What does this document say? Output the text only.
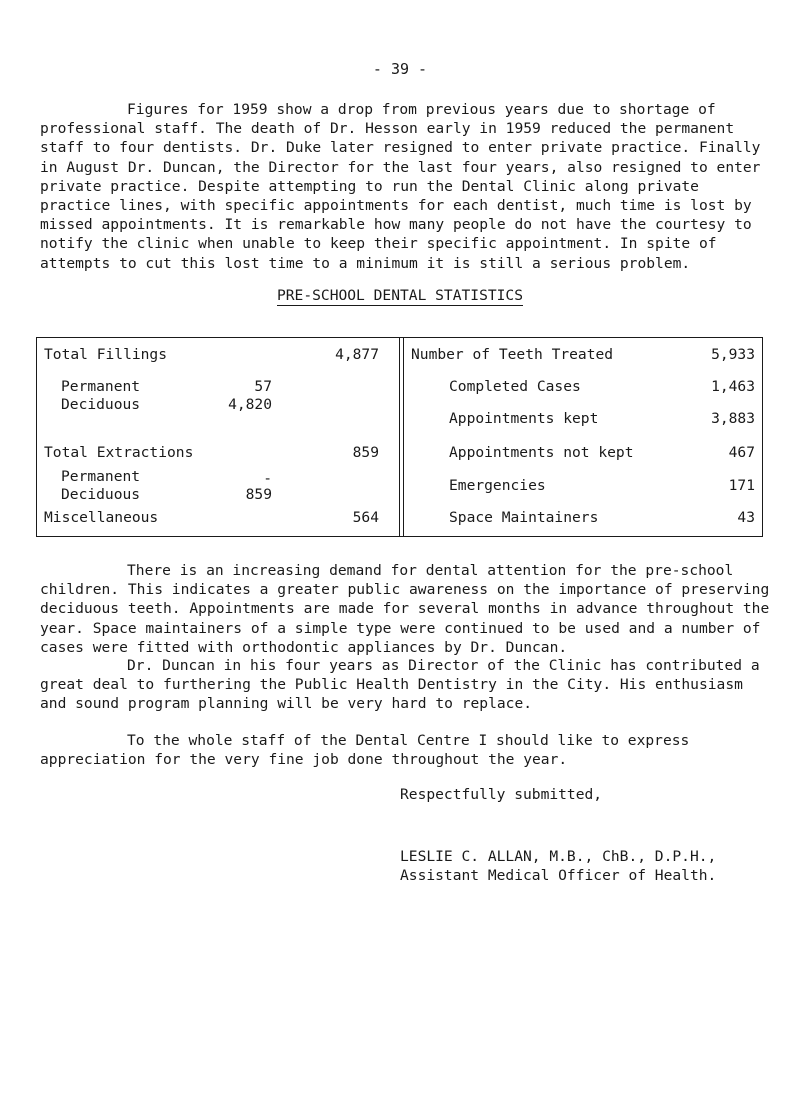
- 39 -

Figures for 1959 show a drop from previous years due to shortage of professional staff. The death of Dr. Hesson early in 1959 reduced the permanent staff to four dentists. Dr. Duke later resigned to enter private practice. Finally in August Dr. Duncan, the Director for the last four years, also resigned to enter private practice. Despite attempting to run the Dental Clinic along private practice lines, with specific appointments for each dentist, much time is lost by missed appointments. It is remarkable how many people do not have the courtesy to notify the clinic when unable to keep their specific appointment. In spite of attempts to cut this lost time to a minimum it is still a serious problem.

PRE-SCHOOL DENTAL STATISTICS
Total Fillings	4,877
Permanent	57
Deciduous	4,820
Total Extractions	859
Permanent	-
Deciduous	859
Miscellaneous	564
Number of Teeth Treated	5,933
Completed Cases	1,463
Appointments kept	3,883
Appointments not kept	467
Emergencies	171
Space Maintainers	43

There is an increasing demand for dental attention for the pre-school children. This indicates a greater public awareness on the importance of preserving deciduous teeth. Appointments are made for several months in advance throughout the year. Space maintainers of a simple type were continued to be used and a number of cases were fitted with orthodontic appliances by Dr. Duncan.

Dr. Duncan in his four years as Director of the Clinic has contributed a great deal to furthering the Public Health Dentistry in the City. His enthusiasm and sound program planning will be very hard to replace.

To the whole staff of the Dental Centre I should like to express appreciation for the very fine job done throughout the year.

Respectfully submitted,
LESLIE C. ALLAN, M.B., ChB., D.P.H.,
Assistant Medical Officer of Health.
